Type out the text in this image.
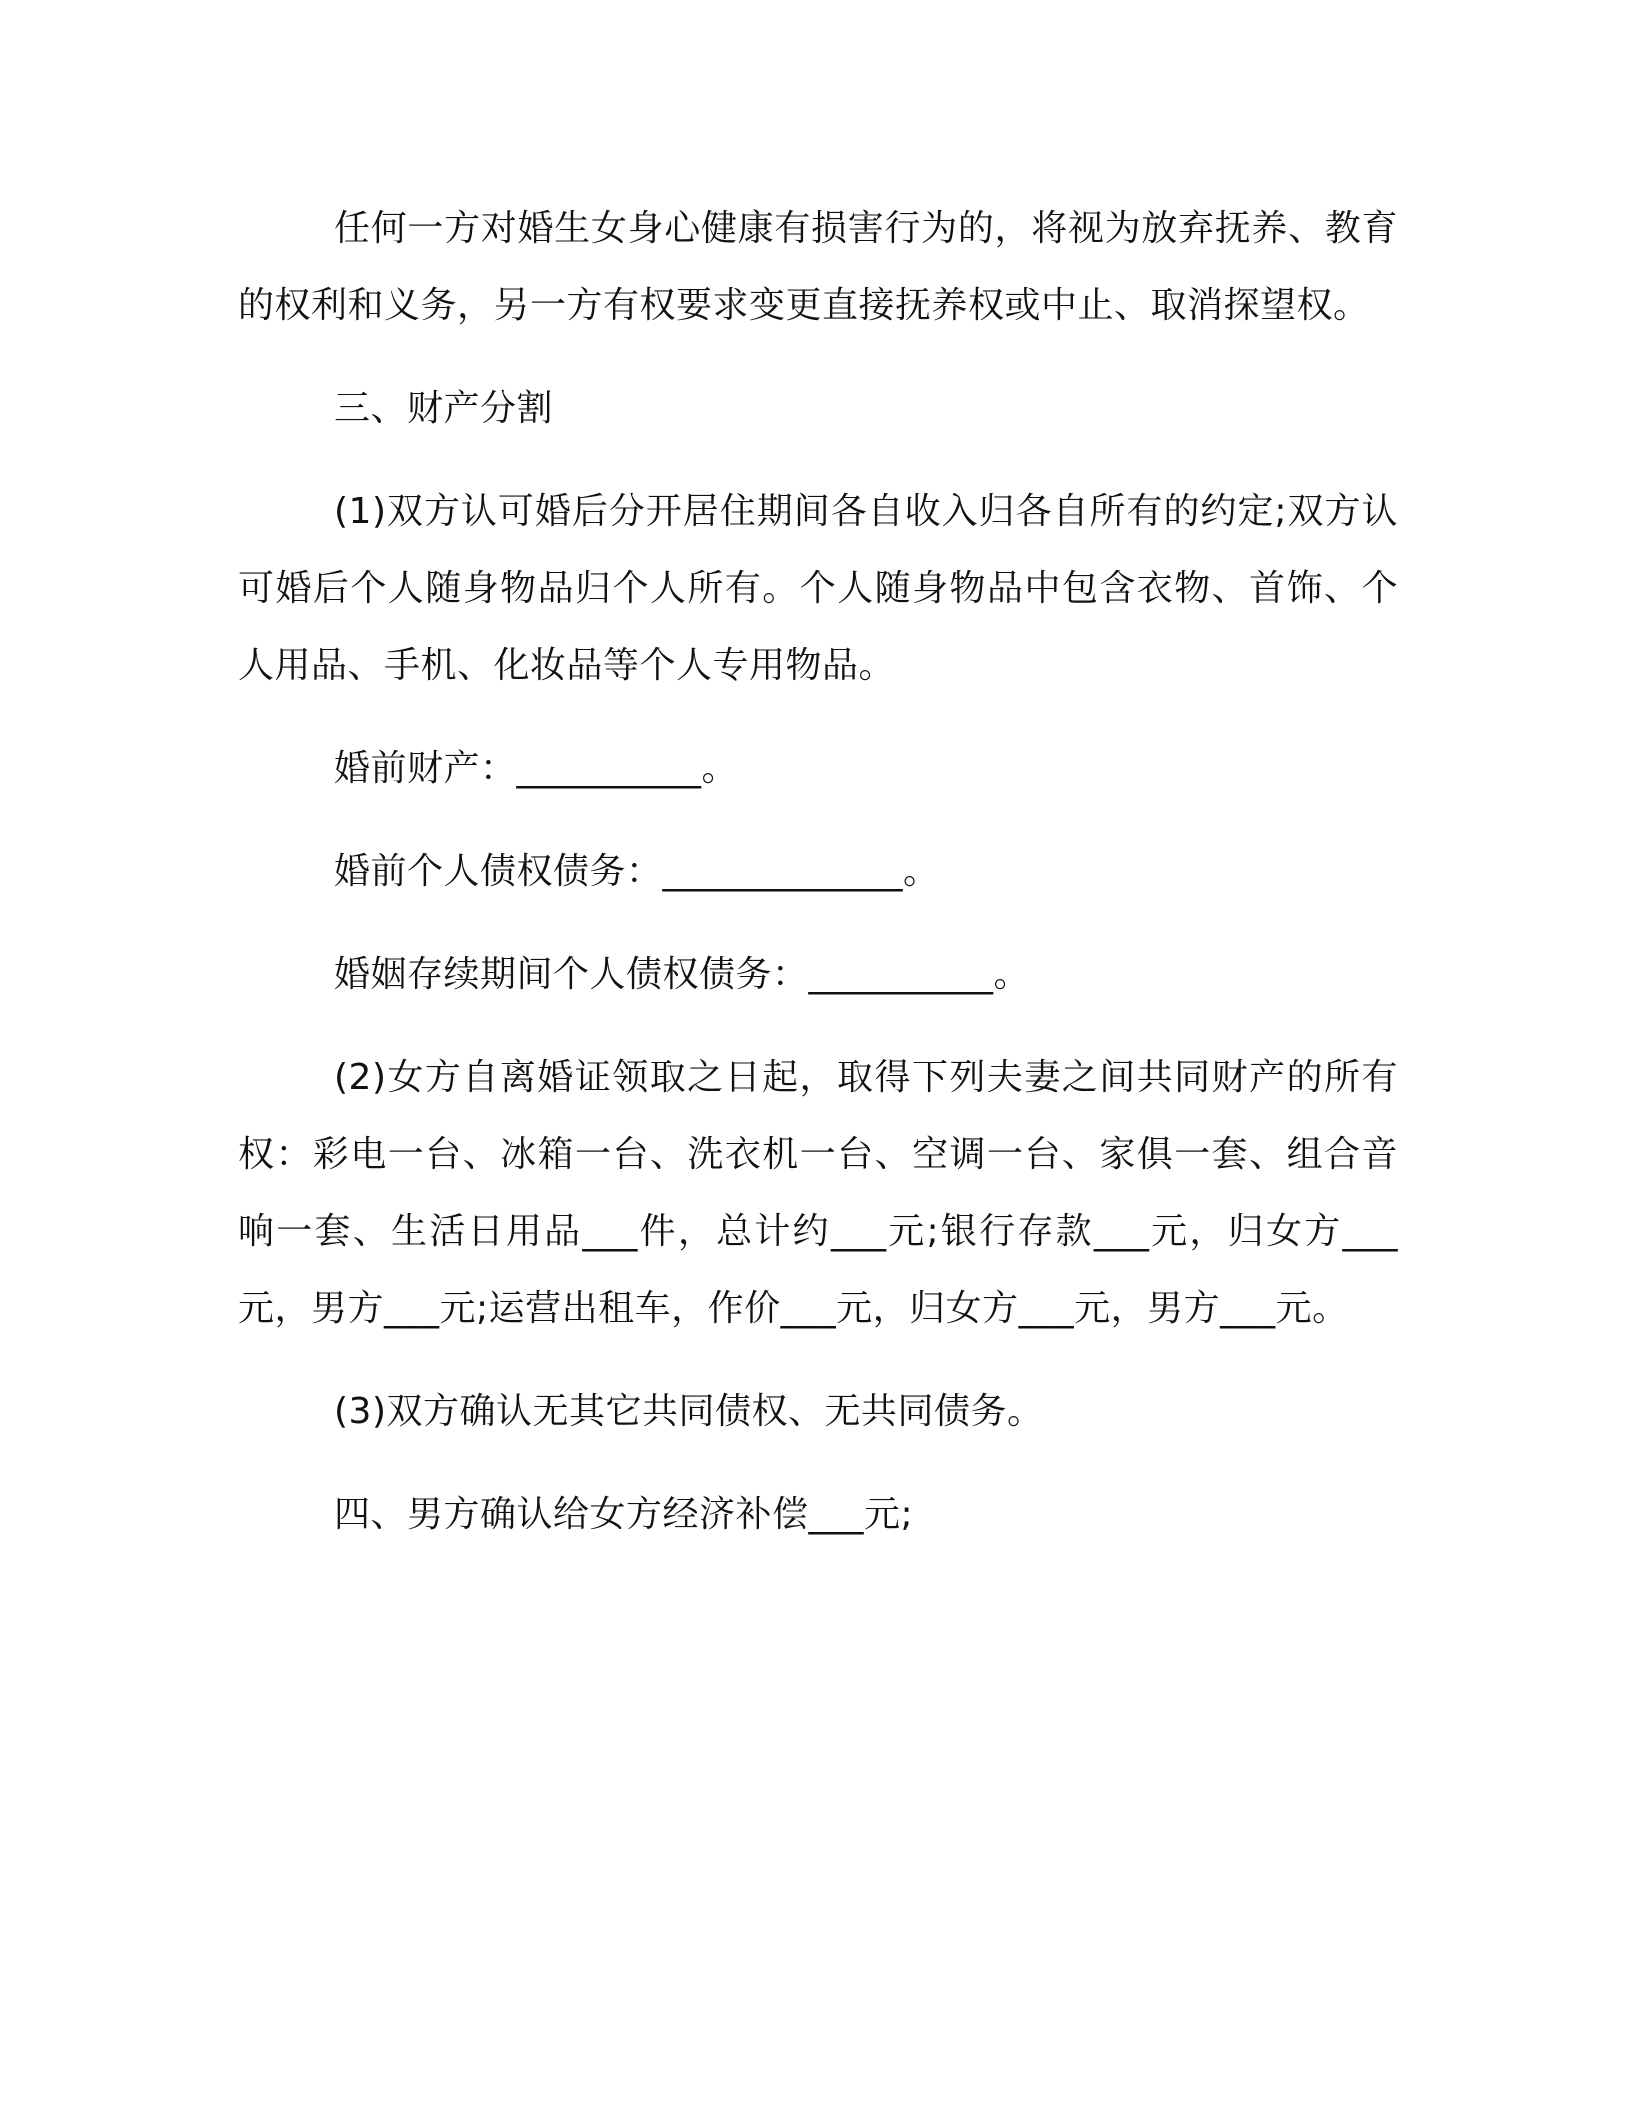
任何一方对婚生女身心健康有损害行为的，将视为放弃抚养、教育的权利和义务，另一方有权要求变更直接抚养权或中止、取消探望权。

三、财产分割

(1)双方认可婚后分开居住期间各自收入归各自所有的约定;双方认可婚后个人随身物品归个人所有。个人随身物品中包含衣物、首饰、个人用品、手机、化妆品等个人专用物品。

婚前财产：__________。

婚前个人债权债务：_____________。

婚姻存续期间个人债权债务：__________。

(2)女方自离婚证领取之日起，取得下列夫妻之间共同财产的所有权：彩电一台、冰箱一台、洗衣机一台、空调一台、家俱一套、组合音响一套、生活日用品___件，总计约___元;银行存款___元，归女方___元，男方___元;运营出租车，作价___元，归女方___元，男方___元。

(3)双方确认无其它共同债权、无共同债务。

四、男方确认给女方经济补偿___元;
